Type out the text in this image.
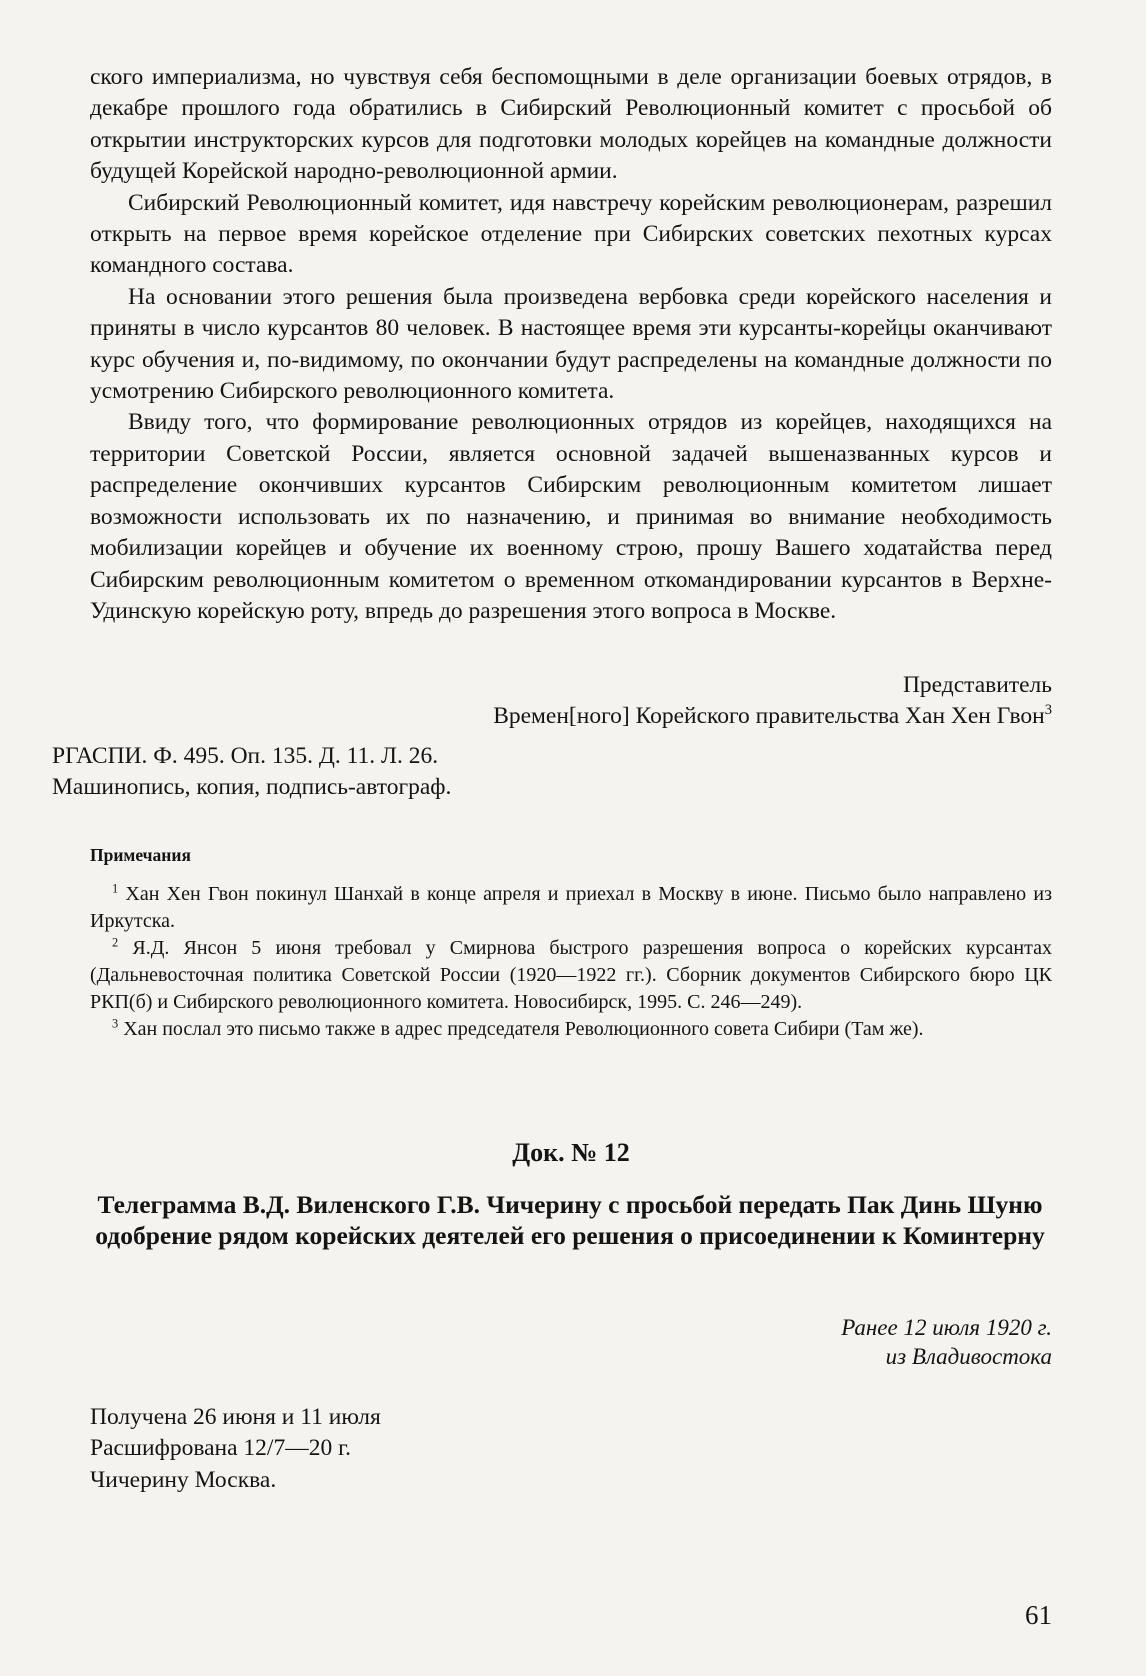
ского империализма, но чувствуя себя беспомощными в деле организации боевых отрядов, в декабре прошлого года обратились в Сибирский Революционный комитет с просьбой об открытии инструкторских курсов для подготовки молодых корейцев на командные должности будущей Корейской народно-революционной армии.

Сибирский Революционный комитет, идя навстречу корейским революционерам, разрешил открыть на первое время корейское отделение при Сибирских советских пехотных курсах командного состава.

На основании этого решения была произведена вербовка среди корейского населения и приняты в число курсантов 80 человек. В настоящее время эти курсанты-корейцы оканчивают курс обучения и, по-видимому, по окончании будут распределены на командные должности по усмотрению Сибирского революционного комитета.

Ввиду того, что формирование революционных отрядов из корейцев, находящихся на территории Советской России, является основной задачей вышеназванных курсов и распределение окончивших курсантов Сибирским революционным комитетом лишает возможности использовать их по назначению, и принимая во внимание необходимость мобилизации корейцев и обучение их военному строю, прошу Вашего ходатайства перед Сибирским революционным комитетом о временном откомандировании курсантов в Верхне-Удинскую корейскую роту, впредь до разрешения этого вопроса в Москве.

Представитель

Времен[ного] Корейского правительства Хан Хен Гвон$^3$

РГАСПИ. Ф. 495. Оп. 135. Д. 11. Л. 26.

Машинопись, копия, подпись-автограф.

Примечания

$^1$ Хан Хен Гвон покинул Шанхай в конце апреля и приехал в Москву в июне. Письмо было направлено из Иркутска.

$^2$ Я.Д. Янсон 5 июня требовал у Смирнова быстрого разрешения вопроса о корейских курсантах (Дальневосточная политика Советской России (1920—1922 гг.). Сборник документов Сибирского бюро ЦК РКП(б) и Сибирского революционного комитета. Новосибирск, 1995. С. 246—249).

$^3$ Хан послал это письмо также в адрес председателя Революционного совета Сибири (Там же).

Док. № 12
Телеграмма В.Д. Виленского Г.В. Чичерину с просьбой передать Пак Динь Шуню одобрение рядом корейских деятелей его решения о присоединении к Коминтерну

Ранее 12 июля 1920 г.

из Владивостока

Получена 26 июня и 11 июля

Расшифрована 12/7—20 г.

Чичерину Москва.

61
